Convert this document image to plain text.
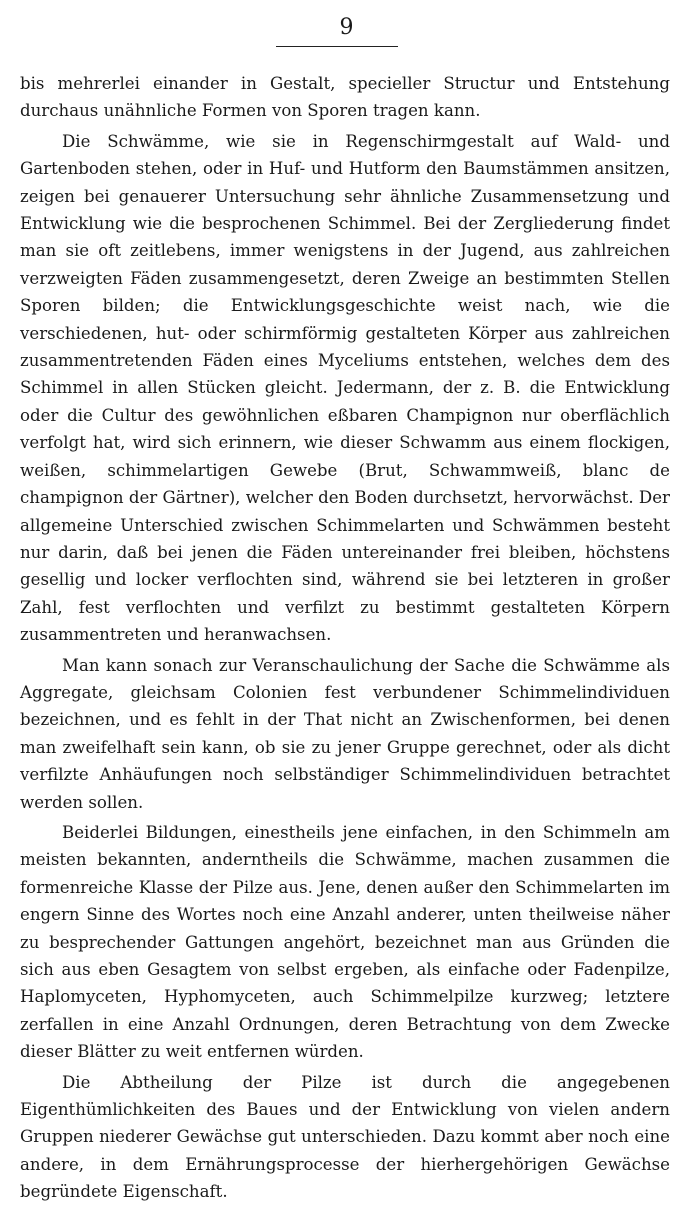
9

bis mehrerlei einander in Gestalt, specieller Structur und Entstehung durchaus unähnliche Formen von Sporen tragen kann.

Die Schwämme, wie sie in Regenschirmgestalt auf Wald- und Gartenboden stehen, oder in Huf- und Hutform den Baumstämmen ansitzen, zeigen bei genauerer Untersuchung sehr ähnliche Zusammensetzung und Entwicklung wie die besprochenen Schimmel. Bei der Zergliederung findet man sie oft zeitlebens, immer wenigstens in der Jugend, aus zahlreichen verzweigten Fäden zusammengesetzt, deren Zweige an bestimmten Stellen Sporen bilden; die Entwicklungsgeschichte weist nach, wie die verschiedenen, hut- oder schirmförmig gestalteten Körper aus zahlreichen zusammentretenden Fäden eines Myceliums entstehen, welches dem des Schimmel in allen Stücken gleicht. Jedermann, der z. B. die Entwicklung oder die Cultur des gewöhnlichen eßbaren Champignon nur oberflächlich verfolgt hat, wird sich erinnern, wie dieser Schwamm aus einem flockigen, weißen, schimmelartigen Gewebe (Brut, Schwammweiß, blanc de champignon der Gärtner), welcher den Boden durchsetzt, hervorwächst. Der allgemeine Unterschied zwischen Schimmelarten und Schwämmen besteht nur darin, daß bei jenen die Fäden untereinander frei bleiben, höchstens gesellig und locker verflochten sind, während sie bei letzteren in großer Zahl, fest verflochten und verfilzt zu bestimmt gestalteten Körpern zusammentreten und heranwachsen.

Man kann sonach zur Veranschaulichung der Sache die Schwämme als Aggregate, gleichsam Colonien fest verbundener Schimmelindividuen bezeichnen, und es fehlt in der That nicht an Zwischenformen, bei denen man zweifelhaft sein kann, ob sie zu jener Gruppe gerechnet, oder als dicht verfilzte Anhäufungen noch selbständiger Schimmelindividuen betrachtet werden sollen.

Beiderlei Bildungen, einestheils jene einfachen, in den Schimmeln am meisten bekannten, anderntheils die Schwämme, machen zusammen die formenreiche Klasse der Pilze aus. Jene, denen außer den Schimmelarten im engern Sinne des Wortes noch eine Anzahl anderer, unten theilweise näher zu besprechender Gattungen angehört, bezeichnet man aus Gründen die sich aus eben Gesagtem von selbst ergeben, als einfache oder Fadenpilze, Haplomyceten, Hyphomyceten, auch Schimmelpilze kurzweg; letztere zerfallen in eine Anzahl Ordnungen, deren Betrachtung von dem Zwecke dieser Blätter zu weit entfernen würden.

Die Abtheilung der Pilze ist durch die angegebenen Eigenthümlichkeiten des Baues und der Entwicklung von vielen andern Gruppen niederer Gewächse gut unterschieden. Dazu kommt aber noch eine andere, in dem Ernährungsprocesse der hierhergehörigen Gewächse begründete Eigenschaft.
